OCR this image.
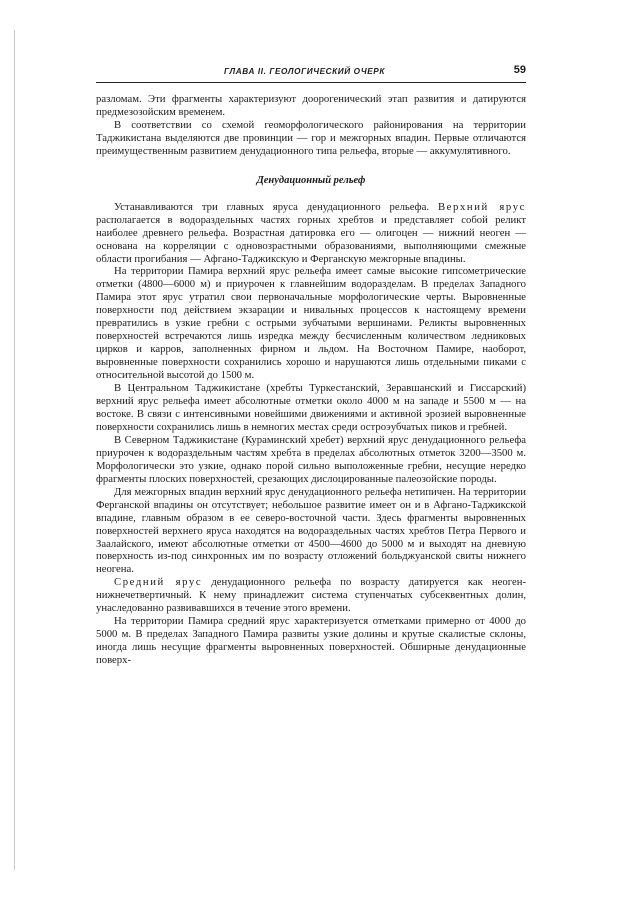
ГЛАВА II. ГЕОЛОГИЧЕСКИЙ ОЧЕРК	59

разломам. Эти фрагменты характеризуют доорогенический этап развития и датируются предмезозойским временем.

В соответствии со схемой геоморфологического районирования на территории Таджикистана выделяются две провинции — гор и межгорных впадин. Первые отличаются преимущественным развитием денудационного типа рельефа, вторые — аккумулятивного.

Денудационный рельеф

Устанавливаются три главных яруса денудационного рельефа. Верхний ярус располагается в водораздельных частях горных хребтов и представляет собой реликт наиболее древнего рельефа. Возрастная датировка его — олигоцен — нижний неоген — основана на корреляции с одновозрастными образованиями, выполняющими смежные области прогибания — Афгано-Таджикскую и Ферганскую межгорные впадины.

На территории Памира верхний ярус рельефа имеет самые высокие гипсометрические отметки (4800—6000 м) и приурочен к главнейшим водоразделам. В пределах Западного Памира этот ярус утратил свои первоначальные морфологические черты. Выровненные поверхности под действием экзарации и нивальных процессов к настоящему времени превратились в узкие гребни с острыми зубчатыми вершинами. Реликты выровненных поверхностей встречаются лишь изредка между бесчисленным количеством ледниковых цирков и карров, заполненных фирном и льдом. На Восточном Памире, наоборот, выровненные поверхности сохранились хорошо и нарушаются лишь отдельными пиками с относительной высотой до 1500 м.

В Центральном Таджикистане (хребты Туркестанский, Зеравшанский и Гиссарский) верхний ярус рельефа имеет абсолютные отметки около 4000 м на западе и 5500 м — на востоке. В связи с интенсивными новейшими движениями и активной эрозией выровненные поверхности сохранились лишь в немногих местах среди остроэубчатых пиков и гребней.

В Северном Таджикистане (Кураминский хребет) верхний ярус денудационного рельефа приурочен к водораздельным частям хребта в пределах абсолютных отметок 3200—3500 м. Морфологически это узкие, однако порой сильно выположенные гребни, несущие нередко фрагменты плоских поверхностей, срезающих дислоцированные палеозойские породы.

Для межгорных впадин верхний ярус денудационного рельефа нетипичен. На территории Ферганской впадины он отсутствует; небольшое развитие имеет он и в Афгано-Таджикской впадине, главным образом в ее северо-восточной части. Здесь фрагменты выровненных поверхностей верхнего яруса находятся на водораздельных частях хребтов Петра Первого и Заалайского, имеют абсолютные отметки от 4500—4600 до 5000 м и выходят на дневную поверхность из-под синхронных им по возрасту отложений больджуанской свиты нижнего неогена.

Средний ярус денудационного рельефа по возрасту датируется как неоген-нижнечетвертичный. К нему принадлежит система ступенчатых субсеквентных долин, унаследованно развивавшихся в течение этого времени.

На территории Памира средний ярус характеризуется отметками примерно от 4000 до 5000 м. В пределах Западного Памира развиты узкие долины и крутые скалистые склоны, иногда лишь несущие фрагменты выровненных поверхностей. Обширные денудационные поверх-
